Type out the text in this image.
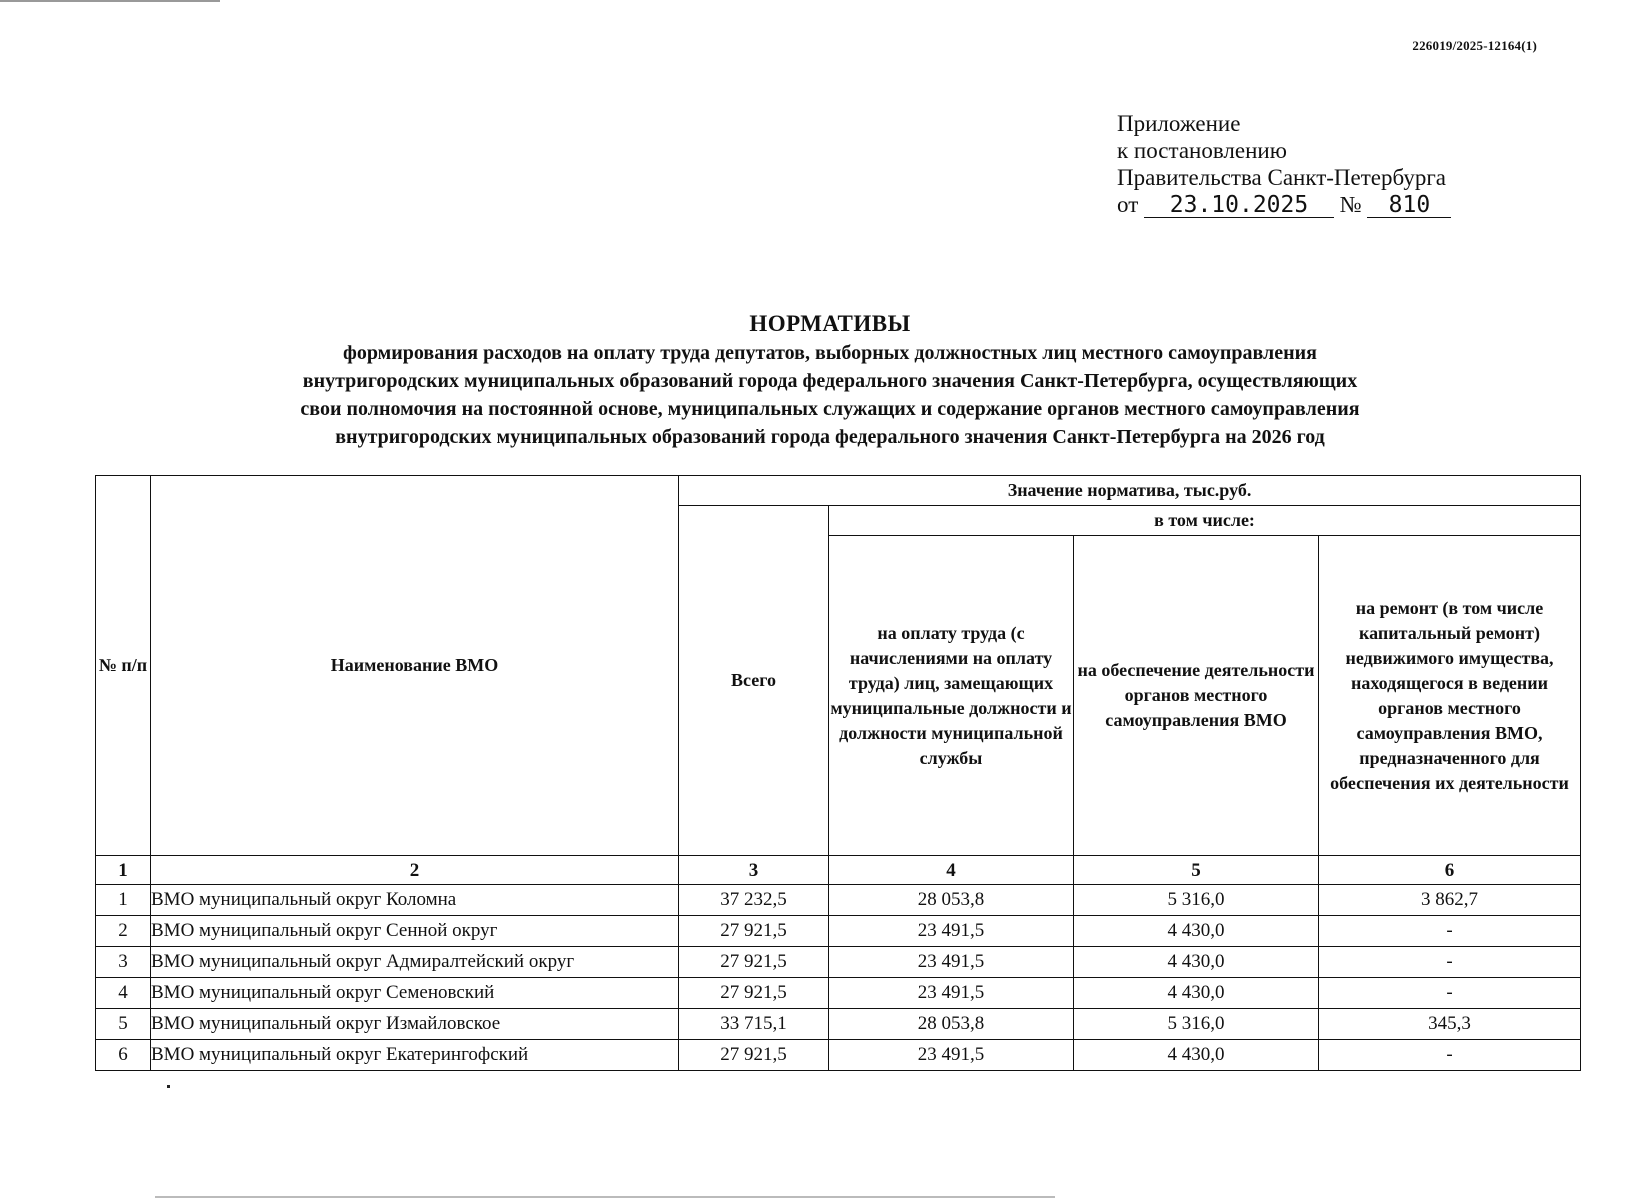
226019/2025-12164(1)
Приложение
к постановлению
Правительства Санкт-Петербурга
от 23.10.2025 № 810
НОРМАТИВЫ
формирования расходов на оплату труда депутатов, выборных должностных лиц местного самоуправления
внутригородских муниципальных образований города федерального значения Санкт-Петербурга, осуществляющих
свои полномочия на постоянной основе, муниципальных служащих и содержание органов местного самоуправления
внутригородских муниципальных образований города федерального значения Санкт-Петербурга на 2026 год
№ п/п	Наименование ВМО	Значение норматива, тыс.руб.			
		Всего	в том числе:		
			на оплату труда (с начислениями на оплату труда) лиц, замещающих муниципальные должности и должности муниципальной службы	на обеспечение деятельности органов местного самоуправления ВМО	на ремонт (в том числе капитальный ремонт) недвижимого имущества, находящегося в ведении органов местного самоуправления ВМО, предназначенного для обеспечения их деятельности
1	2	3	4	5	6
1	ВМО муниципальный округ Коломна	37 232,5	28 053,8	5 316,0	3 862,7
2	ВМО муниципальный округ Сенной округ	27 921,5	23 491,5	4 430,0	-
3	ВМО муниципальный округ Адмиралтейский округ	27 921,5	23 491,5	4 430,0	-
4	ВМО муниципальный округ Семеновский	27 921,5	23 491,5	4 430,0	-
5	ВМО муниципальный округ Измайловское	33 715,1	28 053,8	5 316,0	345,3
6	ВМО муниципальный округ Екатерингофский	27 921,5	23 491,5	4 430,0	-
